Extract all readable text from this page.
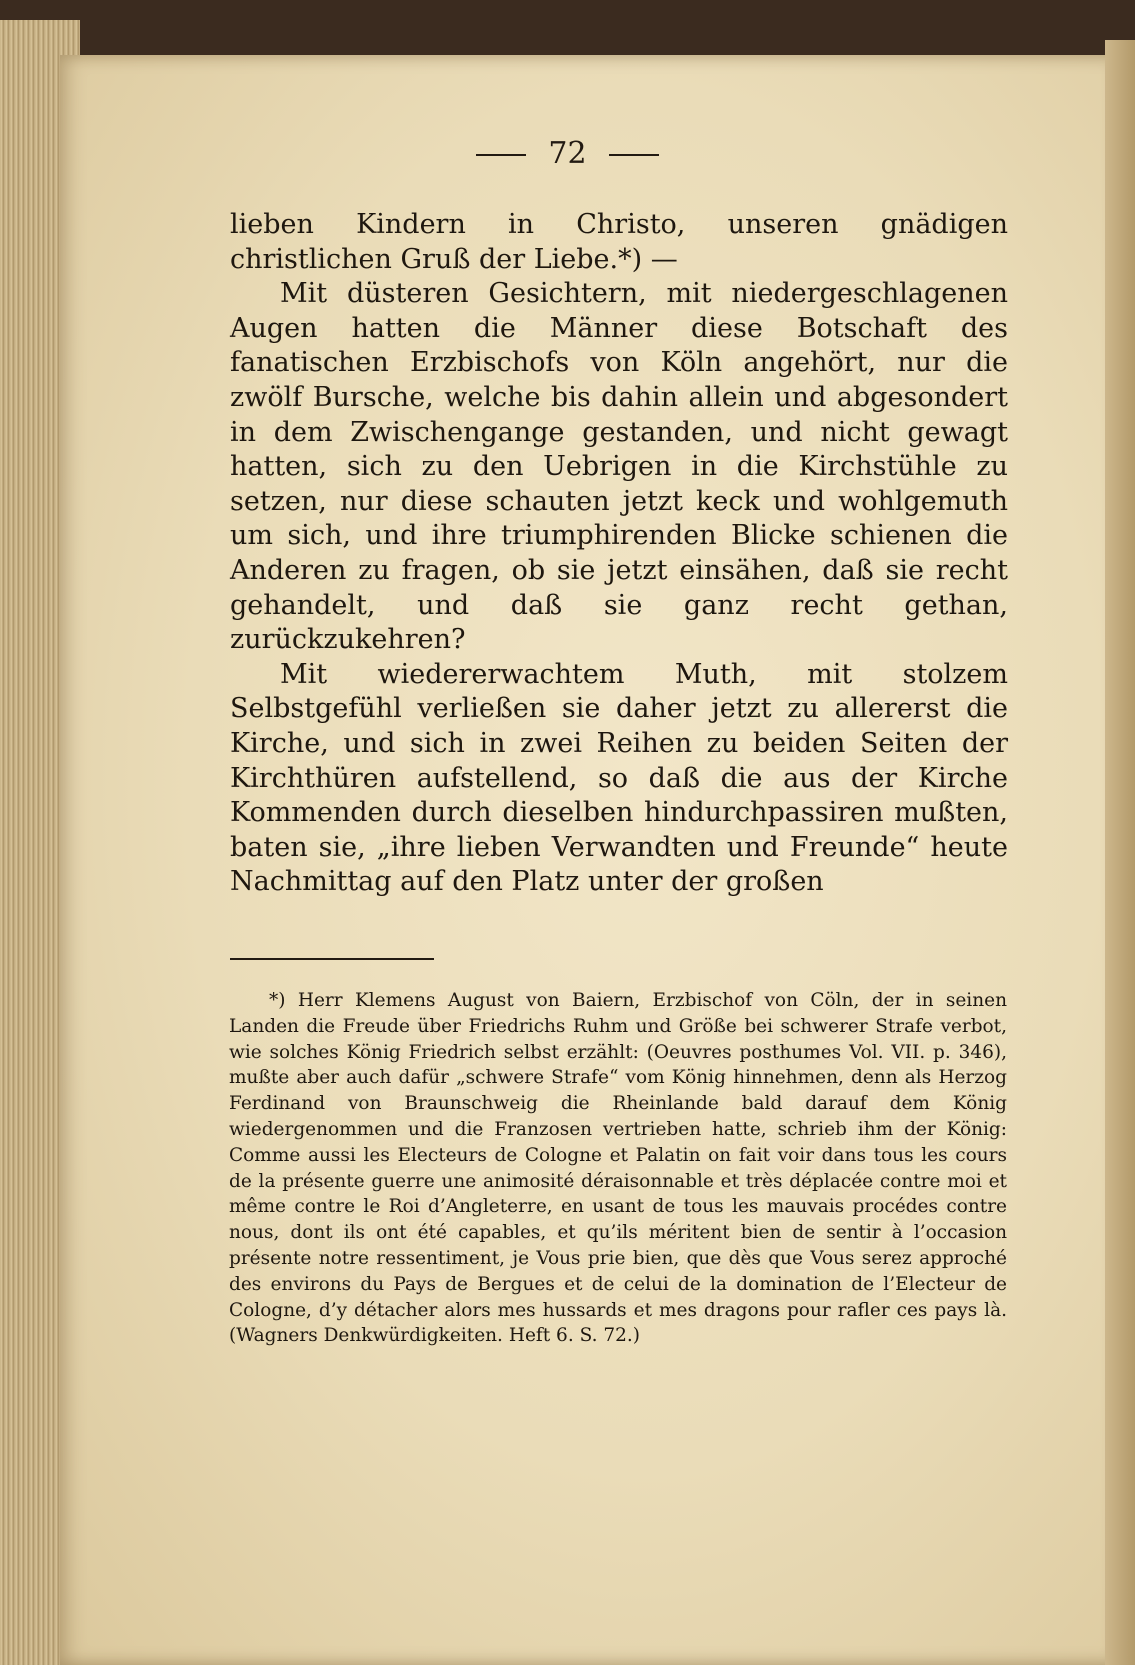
72

lieben Kindern in Christo, unseren gnädigen christlichen Gruß der Liebe.*) —

Mit düsteren Gesichtern, mit niedergeschlagenen Augen hatten die Männer diese Botschaft des fanatischen Erzbischofs von Köln angehört, nur die zwölf Bursche, welche bis dahin allein und abgesondert in dem Zwischengange gestanden, und nicht gewagt hatten, sich zu den Uebrigen in die Kirchstühle zu setzen, nur diese schauten jetzt keck und wohlgemuth um sich, und ihre triumphirenden Blicke schienen die Anderen zu fragen, ob sie jetzt einsähen, daß sie recht gehandelt, und daß sie ganz recht gethan, zurückzukehren?

Mit wiedererwachtem Muth, mit stolzem Selbstgefühl verließen sie daher jetzt zu allererst die Kirche, und sich in zwei Reihen zu beiden Seiten der Kirchthüren aufstellend, so daß die aus der Kirche Kommenden durch dieselben hindurchpassiren mußten, baten sie, „ihre lieben Verwandten und Freunde“ heute Nachmittag auf den Platz unter der großen

*) Herr Klemens August von Baiern, Erzbischof von Cöln, der in seinen Landen die Freude über Friedrichs Ruhm und Größe bei schwerer Strafe verbot, wie solches König Friedrich selbst erzählt: (Oeuvres posthumes Vol. VII. p. 346), mußte aber auch dafür „schwere Strafe“ vom König hinnehmen, denn als Herzog Ferdinand von Braunschweig die Rheinlande bald darauf dem König wiedergenommen und die Franzosen vertrieben hatte, schrieb ihm der König: Comme aussi les Electeurs de Cologne et Palatin on fait voir dans tous les cours de la présente guerre une animosité déraisonnable et très déplacée contre moi et même contre le Roi d’Angleterre, en usant de tous les mauvais procédes contre nous, dont ils ont été capables, et qu’ils méritent bien de sentir à l’occasion présente notre ressentiment, je Vous prie bien, que dès que Vous serez approché des environs du Pays de Bergues et de celui de la domination de l’Electeur de Cologne, d’y détacher alors mes hussards et mes dragons pour rafler ces pays là. (Wagners Denkwürdigkeiten. Heft 6. S. 72.)
